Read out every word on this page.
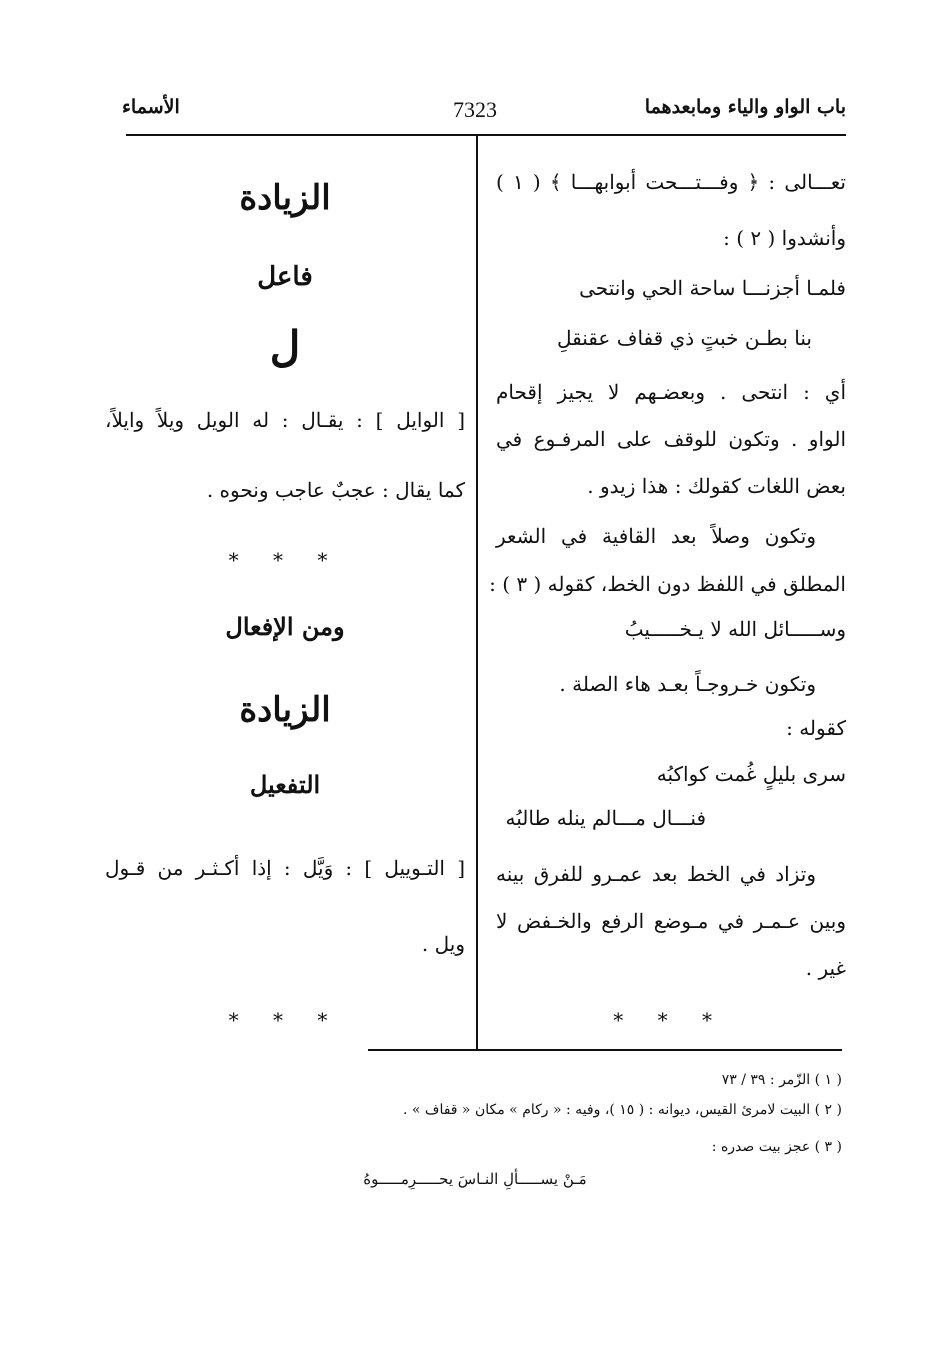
باب الواو والياء ومابعدهما
7323
الأسماء
تعـــالى : ﴿ وفـــتـــحت أبوابهـــا ﴾ ( ١ )
وأنشدوا ( ٢ ) :
فلمـا أجزنـــا ساحة الحي وانتحى
بنا بطـن خبتٍ ذي قفاف عقنقلِ
أي : انتحى . وبعضـهم لا يجيز إقحام
الواو . وتكون للوقف على المرفـوع في
بعض اللغات كقولك : هذا زيدو .
وتكون وصلاً بعد القافية في الشعر
المطلق في اللفظ دون الخط، كقوله ( ٣ ) :
وســـــائل الله لا يـخـــــيبُ
وتكون خـروجـاً بعـد هاء الصلة .
كقوله :
سرى بليلٍ غُمت كواكبُه
فنـــال مـــالم ينله طالبُه
وتزاد في الخط بعد عمـرو للفرق بينه
وبين عـمـر في مـوضع الرفع والخـفض لا
غير .
* * *
الزيادة
فاعل
ل
[ الوايل ] : يقـال : له الويل ويلاً وايلاً،
كما يقال : عجبٌ عاجب ونحوه .
* * *
ومن الإفعال
الزيادة
التفعيل
[ التـوييل ] : وَيَّل : إذا أكـثـر من قـول
ويل .
* * *
( ١ ) الزّمر : ٣٩ / ٧٣
( ٢ ) البيت لامرئ القيس، ديوانه : ( ١٥ )، وفيه : « ركام » مكان « قفاف » .
( ٣ ) عجز بيت صدره :
مَـنْ يســـــألِ النـاسَ يحـــــرِمـــــوهُ
